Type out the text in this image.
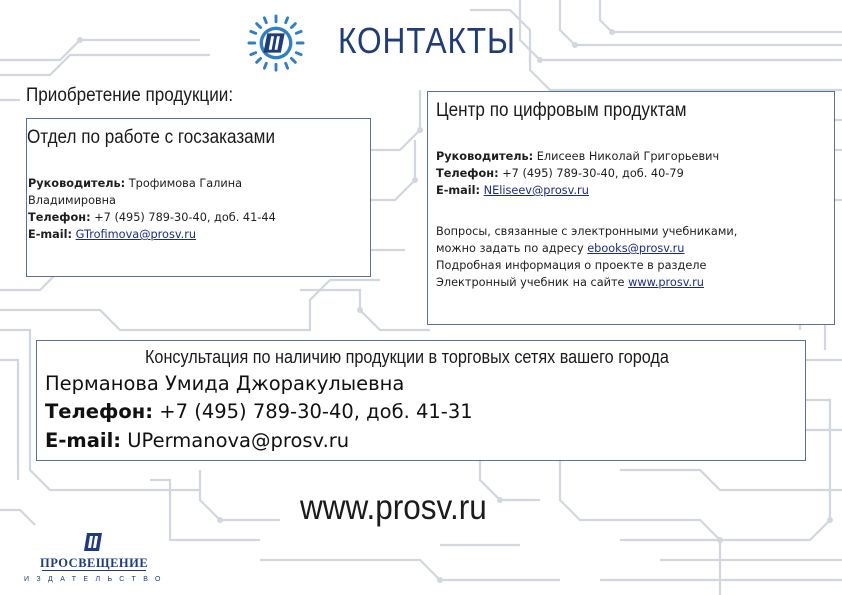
КОНТАКТЫ
Приобретение продукции:
Отдел по работе с госзаказами
Руководитель: Трофимова Галина
Владимировна
Телефон: +7 (495) 789-30-40, доб. 41-44
E-mail: GTrofimova@prosv.ru
Центр по цифровым продуктам
Руководитель: Елисеев Николай Григорьевич
Телефон: +7 (495) 789-30-40, доб. 40-79
E-mail: NEliseev@prosv.ru
Вопросы, связанные с электронными учебниками,
можно задать по адресу ebooks@prosv.ru
Подробная информация о проекте в разделе
Электронный учебник на сайте www.prosv.ru
Консультация по наличию продукции в торговых сетях вашего города
Перманова Умида Джоракулыевна
Телефон: +7 (495) 789-30-40, доб. 41-31
E-mail: UPermanova@prosv.ru
www.prosv.ru
ПРОСВЕЩЕНИЕ
ИЗДАТЕЛЬСТВО
